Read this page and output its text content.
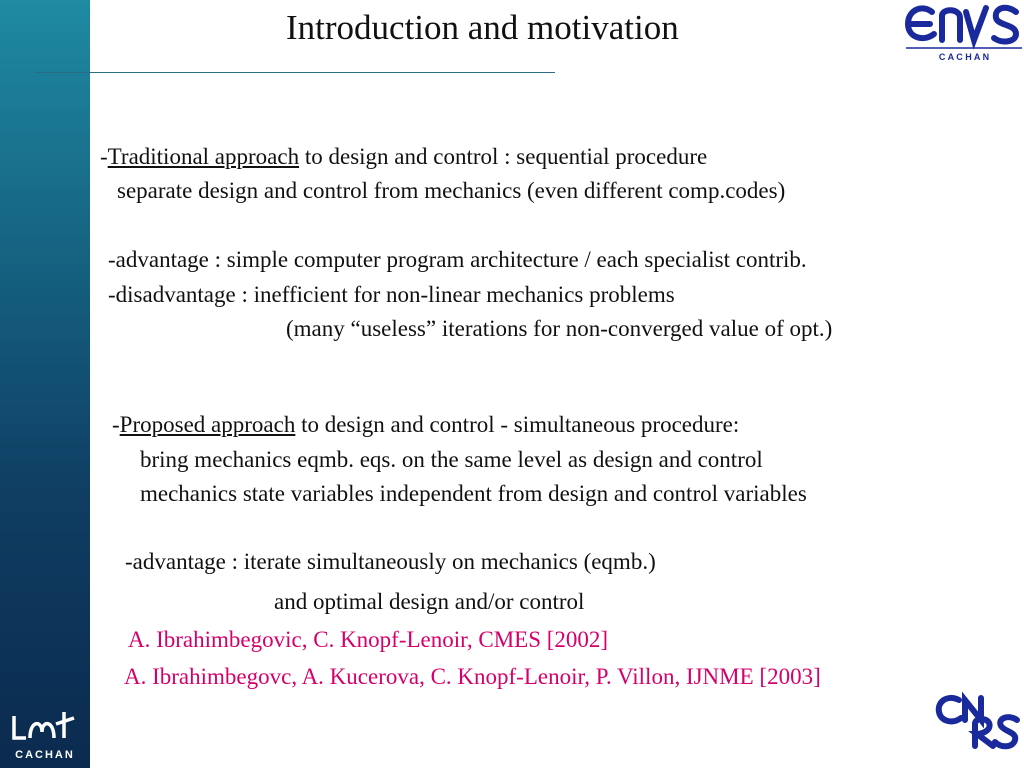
CACHAN
Introduction and motivation
C A C H A N

-Traditional approach to design and control : sequential procedure

separate design and control from mechanics (even different comp.codes)

-advantage : simple computer program architecture / each specialist contrib.

-disadvantage : inefficient for non-linear mechanics problems

(many “useless” iterations for non-converged value of opt.)

-Proposed approach to design and control - simultaneous procedure:

bring mechanics eqmb. eqs. on the same level as design and control

mechanics state variables independent from design and control variables

-advantage : iterate simultaneously on mechanics (eqmb.)

and optimal design and/or control

A. Ibrahimbegovic, C. Knopf-Lenoir, CMES [2002]

A. Ibrahimbegovc, A. Kucerova, C. Knopf-Lenoir, P. Villon, IJNME [2003]
